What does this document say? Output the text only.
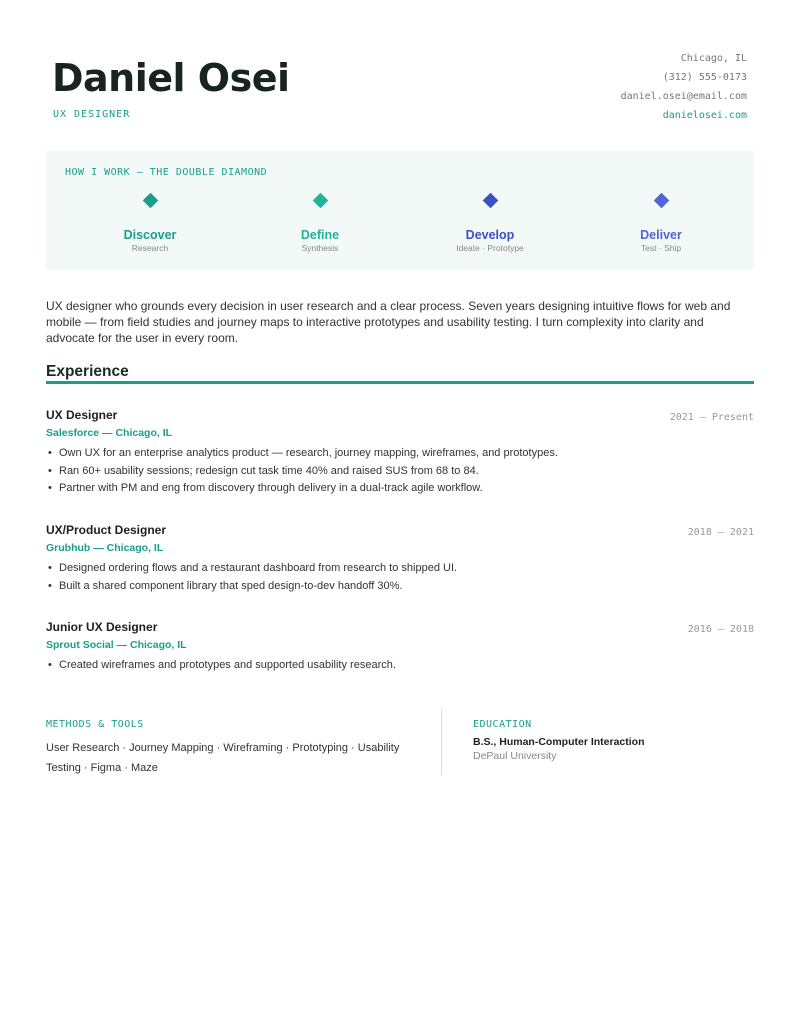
Daniel Osei
UX DESIGNER
Chicago, IL
(312) 555-0173
daniel.osei@email.com
danielosei.com
HOW I WORK — THE DOUBLE DIAMOND
Discover
Research
Define
Synthesis
Develop
Ideate · Prototype
Deliver
Test · Ship
UX designer who grounds every decision in user research and a clear process. Seven years designing intuitive flows for web and mobile — from field studies and journey maps to interactive prototypes and usability testing. I turn complexity into clarity and advocate for the user in every room.
Experience
UX Designer
Salesforce — Chicago, IL
2021 — Present
• Own UX for an enterprise analytics product — research, journey mapping, wireframes, and prototypes.
• Ran 60+ usability sessions; redesign cut task time 40% and raised SUS from 68 to 84.
• Partner with PM and eng from discovery through delivery in a dual-track agile workflow.
UX/Product Designer
Grubhub — Chicago, IL
2018 — 2021
• Designed ordering flows and a restaurant dashboard from research to shipped UI.
• Built a shared component library that sped design-to-dev handoff 30%.
Junior UX Designer
Sprout Social — Chicago, IL
2016 — 2018
• Created wireframes and prototypes and supported usability research.
METHODS & TOOLS
User Research · Journey Mapping · Wireframing · Prototyping · Usability Testing · Figma · Maze
EDUCATION
B.S., Human-Computer Interaction
DePaul University
